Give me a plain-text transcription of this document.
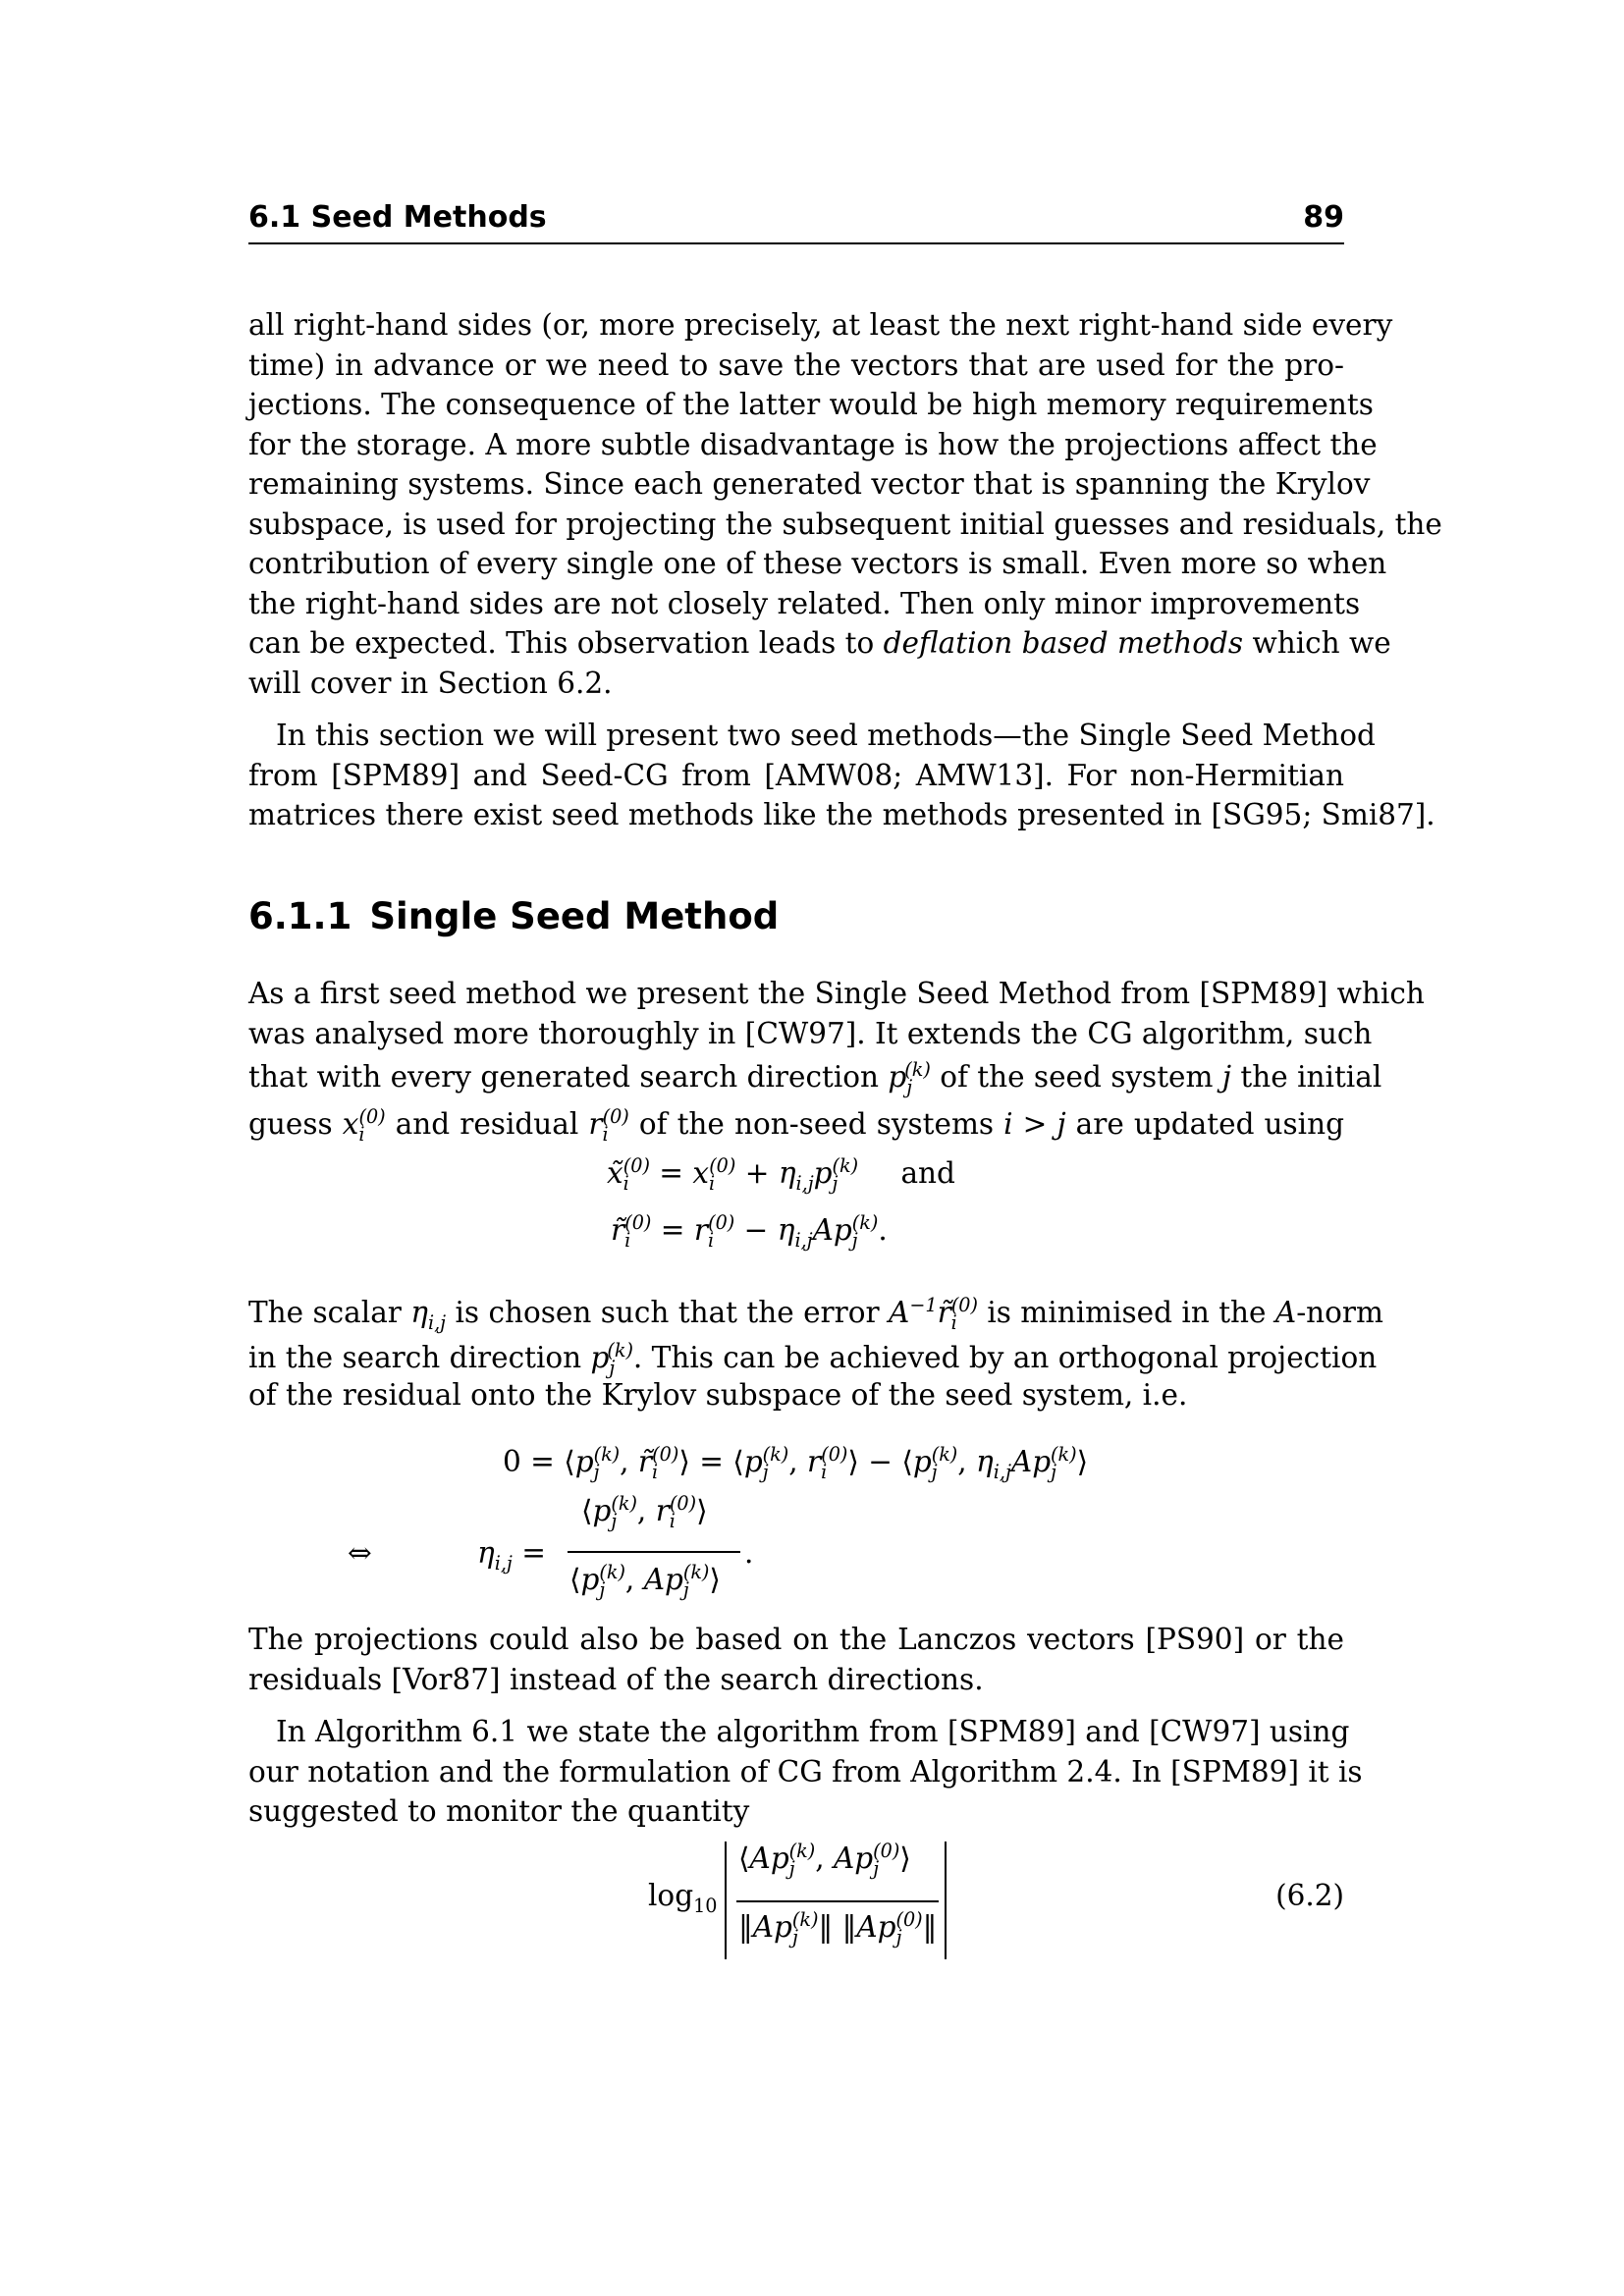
6.1 Seed Methods	89
all right-hand sides (or, more precisely, at least the next right-hand side every
time) in advance or we need to save the vectors that are used for the pro-
jections. The consequence of the latter would be high memory requirements
for the storage. A more subtle disadvantage is how the projections affect the
remaining systems. Since each generated vector that is spanning the Krylov
subspace, is used for projecting the subsequent initial guesses and residuals, the
contribution of every single one of these vectors is small. Even more so when
the right-hand sides are not closely related. Then only minor improvements
can be expected. This observation leads to deflation based methods which we
will cover in Section 6.2.
In this section we will present two seed methods—the Single Seed Method
from [SPM89] and Seed-CG from [AMW08; AMW13]. For non-Hermitian
matrices there exist seed methods like the methods presented in [SG95; Smi87].
6.1.1 Single Seed Method
As a first seed method we present the Single Seed Method from [SPM89] which
was analysed more thoroughly in [CW97]. It extends the CG algorithm, such
that with every generated search direction $p_j^{(k)}$ of the seed system j the initial
guess $x_i^{(0)}$ and residual $r_i^{(0)}$ of the non-seed systems i > j are updated using
$x̃_i^{(0)} = x_i^{(0)} + \eta_{i,j}p_j^{(k)}$ and
$r̃_i^{(0)} = r_i^{(0)} - \eta_{i,j}Ap_j^{(k)}$.
The scalar $\eta_{i,j}$ is chosen such that the error $A^{-1}r̃_i^{(0)}$ is minimised in the A-norm
in the search direction $p_j^{(k)}$. This can be achieved by an orthogonal projection
of the residual onto the Krylov subspace of the seed system, i.e.
$0 = ⟨p_j^{(k)}$, $r̃_i^{(0)}⟩$ = $⟨p_j^{(k)}$, $r_i^{(0)}⟩$ − $⟨p_j^{(k)}$, $\eta_{i,j}Ap_j^{(k)}⟩$
⇔	$\eta_{i,j}$ =
$⟨p_j^{(k)}$, $r_i^{(0)}⟩$
$⟨p_j^{(k)}$, $Ap_j^{(k)}⟩$
.
The projections could also be based on the Lanczos vectors [PS90] or the
residuals [Vor87] instead of the search directions.
In Algorithm 6.1 we state the algorithm from [SPM89] and [CW97] using
our notation and the formulation of CG from Algorithm 2.4. In [SPM89] it is
suggested to monitor the quantity
$\log_{10}$
$⟨Ap_j^{(k)}$, $Ap_j^{(0)}⟩$
$‖Ap_j^{(k)}‖$ $‖Ap_j^{(0)}‖$
(6.2)
